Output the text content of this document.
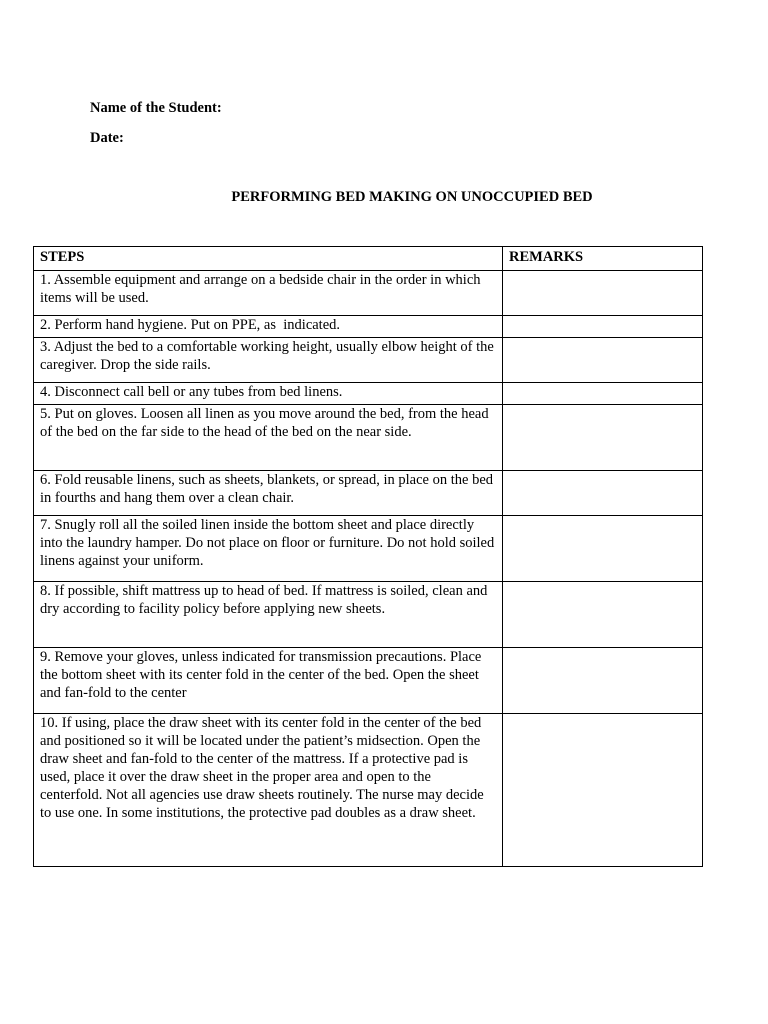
Name of the Student:
Date:
PERFORMING BED MAKING ON UNOCCUPIED BED
STEPS	REMARKS
1. Assemble equipment and arrange on a bedside chair in the order in which items will be used.	
2. Perform hand hygiene. Put on PPE, as  indicated.	
3. Adjust the bed to a comfortable working height, usually elbow height of the caregiver. Drop the side rails.	
4. Disconnect call bell or any tubes from bed linens.	
5. Put on gloves. Loosen all linen as you move around the bed, from the head of the bed on the far side to the head of the bed on the near side.	
6. Fold reusable linens, such as sheets, blankets, or spread, in place on the bed in fourths and hang them over a clean chair.	
7. Snugly roll all the soiled linen inside the bottom sheet and place directly into the laundry hamper. Do not place on floor or furniture. Do not hold soiled linens against your uniform.	
8. If possible, shift mattress up to head of bed. If mattress is soiled, clean and dry according to facility policy before applying new sheets.	
9. Remove your gloves, unless indicated for transmission precautions. Place the bottom sheet with its center fold in the center of the bed. Open the sheet and fan-fold to the center	
10. If using, place the draw sheet with its center fold in the center of the bed and positioned so it will be located under the patient’s midsection. Open the draw sheet and fan-fold to the center of the mattress. If a protective pad is used, place it over the draw sheet in the proper area and open to the centerfold. Not all agencies use draw sheets routinely. The nurse may decide to use one. In some institutions, the protective pad doubles as a draw sheet.	
